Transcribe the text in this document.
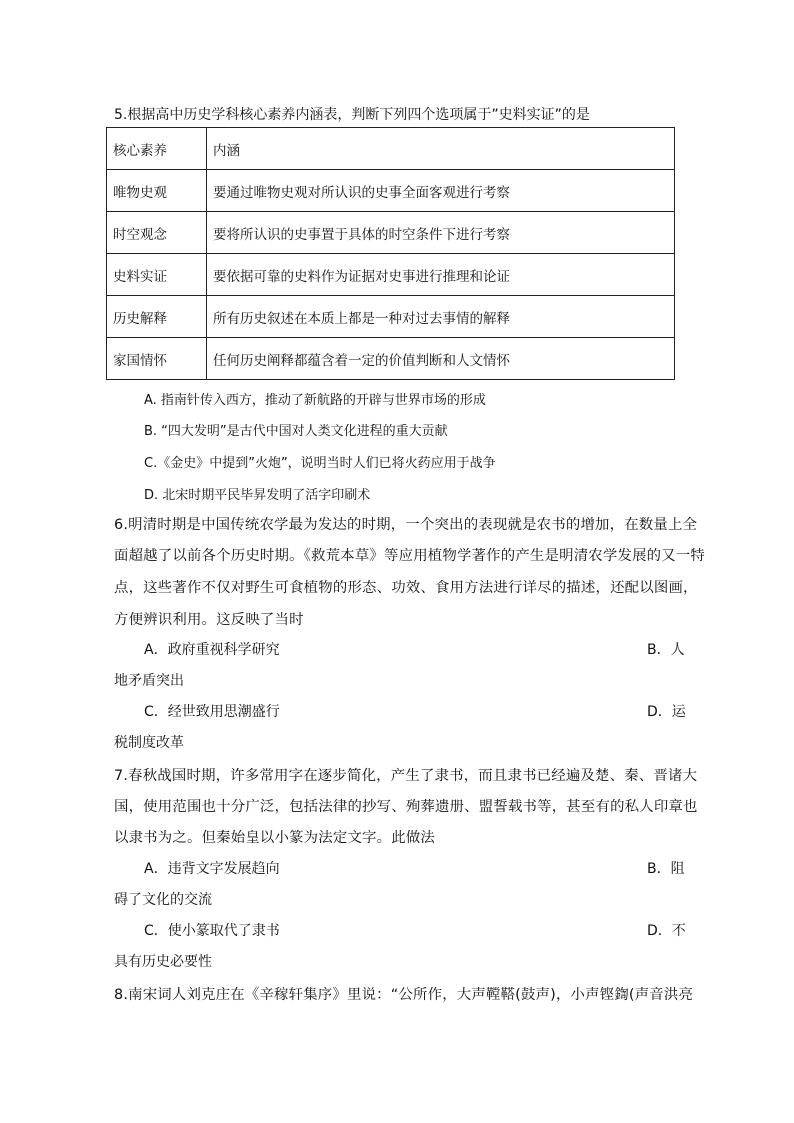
5.根据高中历史学科核心素养内涵表，判断下列四个选项属于”史料实证”的是
核心素养	内涵
唯物史观	要通过唯物史观对所认识的史事全面客观进行考察
时空观念	要将所认识的史事置于具体的时空条件下进行考察
史料实证	要依据可靠的史料作为证据对史事进行推理和论证
历史解释	所有历史叙述在本质上都是一种对过去事情的解释
家国情怀	任何历史阐释都蕴含着一定的价值判断和人文情怀
A. 指南针传入西方，推动了新航路的开辟与世界市场的形成
B. “四大发明”是古代中国对人类文化进程的重大贡献
C.《金史》中提到”火炮”，说明当时人们已将火药应用于战争
D. 北宋时期平民毕昇发明了活字印刷术
6.明清时期是中国传统农学最为发达的时期，一个突出的表现就是农书的增加，在数量上全
面超越了以前各个历史时期。《救荒本草》等应用植物学著作的产生是明清农学发展的又一特
点，这些著作不仅对野生可食植物的形态、功效、食用方法进行详尽的描述，还配以图画，
方便辨识利用。这反映了当时
A．政府重视科学研究	B．人
地矛盾突出
C．经世致用思潮盛行	D．运
税制度改革
7.春秋战国时期，许多常用字在逐步简化，产生了隶书，而且隶书已经遍及楚、秦、晋诸大
国，使用范围也十分广泛，包括法律的抄写、殉葬遗册、盟誓载书等，甚至有的私人印章也
以隶书为之。但秦始皇以小篆为法定文字。此做法
A．违背文字发展趋向	B．阻
碍了文化的交流
C．使小篆取代了隶书	D．不
具有历史必要性
8.南宋词人刘克庄在《辛稼轩集序》里说：“公所作，大声鞺鞳(鼓声)，小声铿鍧(声音洪亮
